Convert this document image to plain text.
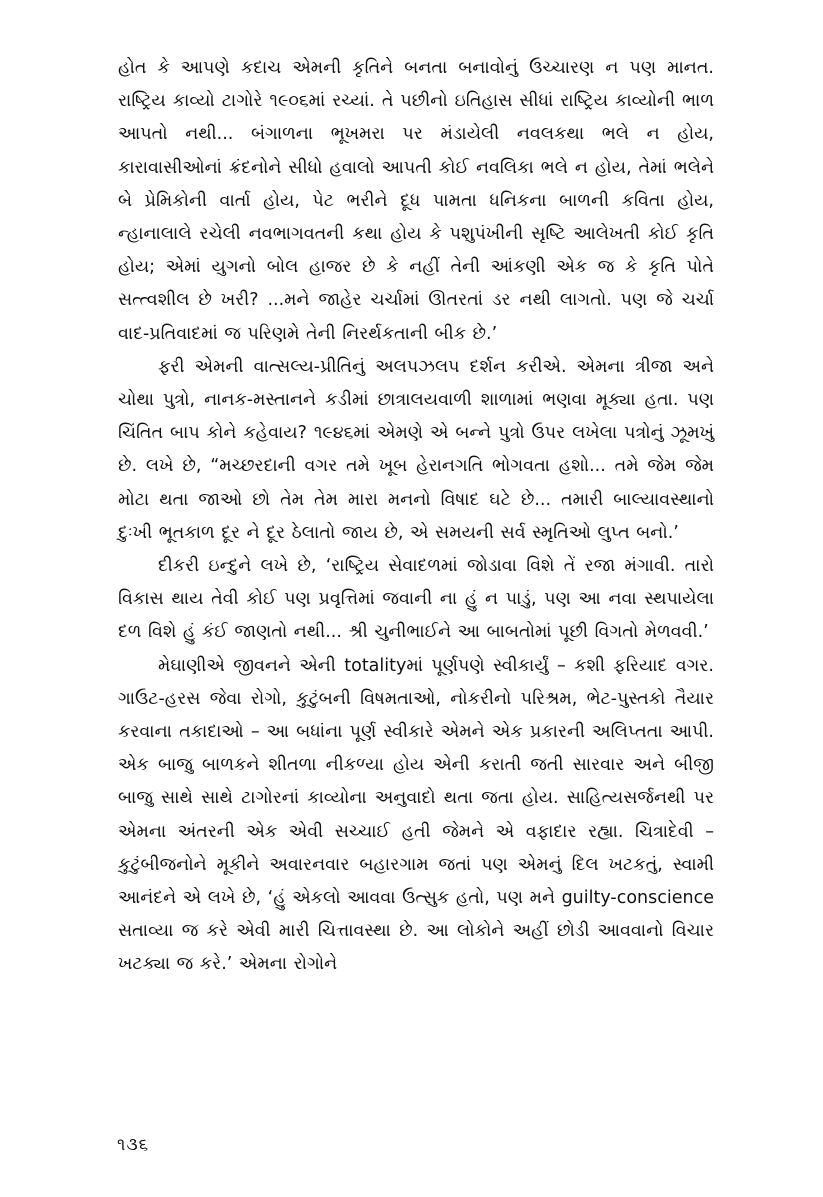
હોત કે આપણે કદાચ એમની કૃતિને બનતા બનાવોનું ઉચ્ચારણ ન પણ માનત. રાષ્ટ્રિય કાવ્યો ટાગોરે ૧૯૦૬માં રચ્યાં. તે પછીનો ઇતિહાસ સીધાં રાષ્ટ્રિય કાવ્યોની ભાળ આપતો નથી... બંગાળના ભૂખમરા પર મંડાયેલી નવલકથા ભલે ન હોય, કારાવાસીઓનાં ક્રંદનોને સીધો હવાલો આપતી કોઈ નવલિકા ભલે ન હોય, તેમાં ભલેને બે પ્રેમિકોની વાર્તા હોય, પેટ ભરીને દૂધ પામતા ધનિકના બાળની કવિતા હોય, ન્હાનાલાલે રચેલી નવભાગવતની કથા હોય કે પશુપંખીની સૃષ્ટિ આલેખતી કોઈ કૃતિ હોય; એમાં યુગનો બોલ હાજર છે કે નહીં તેની આંકણી એક જ કે કૃતિ પોતે સત્ત્વશીલ છે ખરી? ...મને જાહેર ચર્ચામાં ઊતરતાં ડર નથી લાગતો. પણ જે ચર્ચા વાદ-પ્રતિવાદમાં જ પરિણમે તેની નિરર્થકતાની બીક છે.’

ફરી એમની વાત્સલ્ય-પ્રીતિનું અલપઝલપ દર્શન કરીએ. એમના ત્રીજા અને ચોથા પુત્રો, નાનક-મસ્તાનને કડીમાં છાત્રાલયવાળી શાળામાં ભણવા મૂક્યા હતા. પણ ચિંતિત બાપ કોને કહેવાય? ૧૯૪૬માં એમણે એ બન્ને પુત્રો ઉપર લખેલા પત્રોનું ઝૂમખું છે. લખે છે, “મચ્છરદાની વગર તમે ખૂબ હેરાનગતિ ભોગવતા હશો... તમે જેમ જેમ મોટા થતા જાઓ છો તેમ તેમ મારા મનનો વિષાદ ઘટે છે... તમારી બાલ્યાવસ્થાનો દુઃખી ભૂતકાળ દૂર ને દૂર ઠેલાતો જાય છે, એ સમયની સર્વ સ્મૃતિઓ લુપ્ત બનો.’

દીકરી ઇન્દુને લખે છે, ‘રાષ્ટ્રિય સેવાદળમાં જોડાવા વિશે તેં રજા મંગાવી. તારો વિકાસ થાય તેવી કોઈ પણ પ્રવૃત્તિમાં જવાની ના હું ન પાડું, પણ આ નવા સ્થપાયેલા દળ વિશે હું કંઈ જાણતો નથી... શ્રી ચુનીભાઈને આ બાબતોમાં પૂછી વિગતો મેળવવી.’

મેઘાણીએ જીવનને એની totalityમાં પૂર્ણપણે સ્વીકાર્યું – કશી ફરિયાદ વગર. ગાઉટ-હરસ જેવા રોગો, કુટુંબની વિષમતાઓ, નોકરીનો પરિશ્રમ, ભેટ-પુસ્તકો તૈયાર કરવાના તકાદાઓ – આ બધાંના પૂર્ણ સ્વીકારે એમને એક પ્રકારની અલિપ્તતા આપી. એક બાજુ બાળકને શીતળા નીકળ્યા હોય એની કરાતી જતી સારવાર અને બીજી બાજુ સાથે સાથે ટાગોરનાં કાવ્યોના અનુવાદો થતા જતા હોય. સાહિત્યસર્જનથી પર એમના અંતરની એક એવી સચ્ચાઈ હતી જેમને એ વફાદાર રહ્યા. ચિત્રાદેવી – કુટુંબીજનોને મૂકીને અવારનવાર બહારગામ જતાં પણ એમનું દિલ ખટકતું, સ્વામી આનંદને એ લખે છે, ‘હું એકલો આવવા ઉત્સુક હતો, પણ મને guilty-conscience સતાવ્યા જ કરે એવી મારી ચિત્તાવસ્થા છે. આ લોકોને અહીં છોડી આવવાનો વિચાર ખટક્યા જ કરે.’ એમના રોગોને

૧૩૬
